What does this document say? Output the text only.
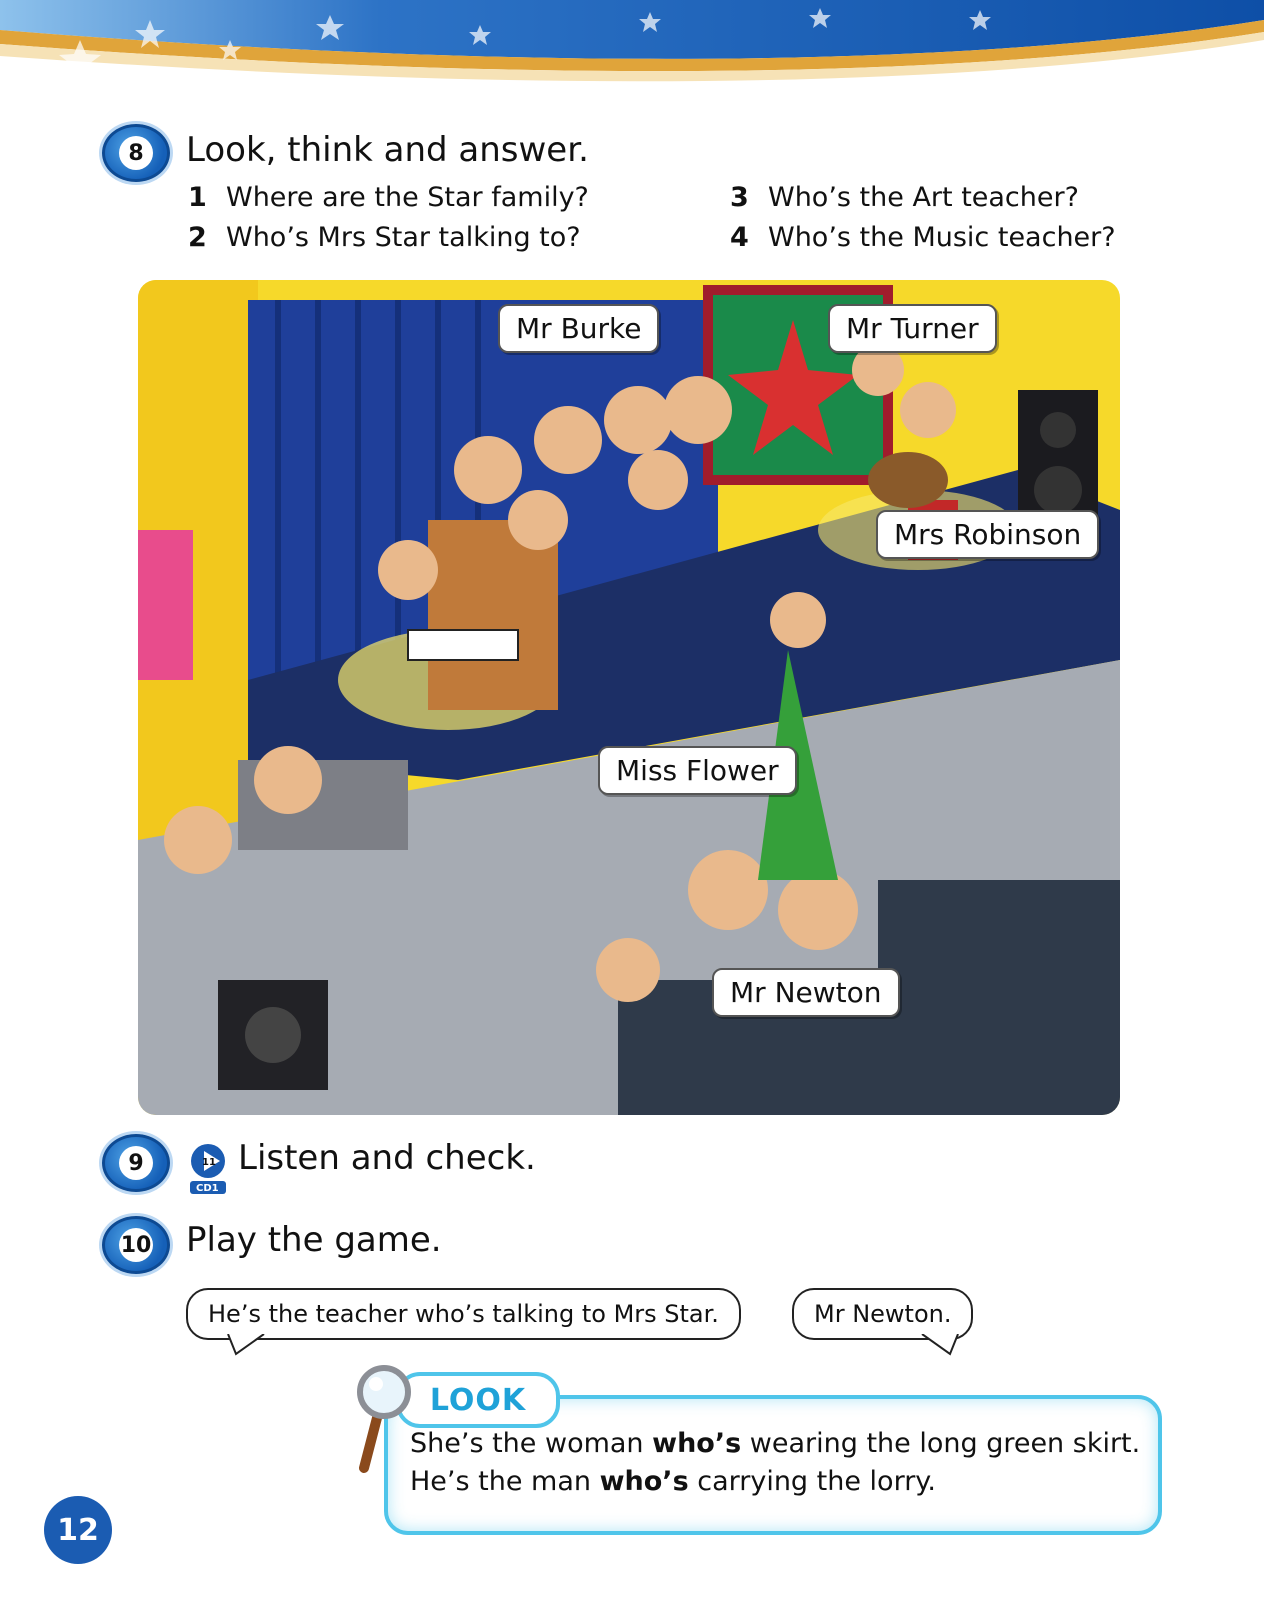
8 Look, think and answer.
1 Where are the Star family?
2 Who’s Mrs Star talking to?
3 Who’s the Art teacher?
4 Who’s the Music teacher?
Mr Burke	Mr Turner
Mrs Robinson
Miss Flower
Mr Newton
9	11
CD1
Listen and check.
10 Play the game.
He’s the teacher who’s talking to Mrs Star.	Mr Newton.
LOOK
She’s the woman who’s wearing the long green skirt.
He’s the man who’s carrying the lorry.
12
